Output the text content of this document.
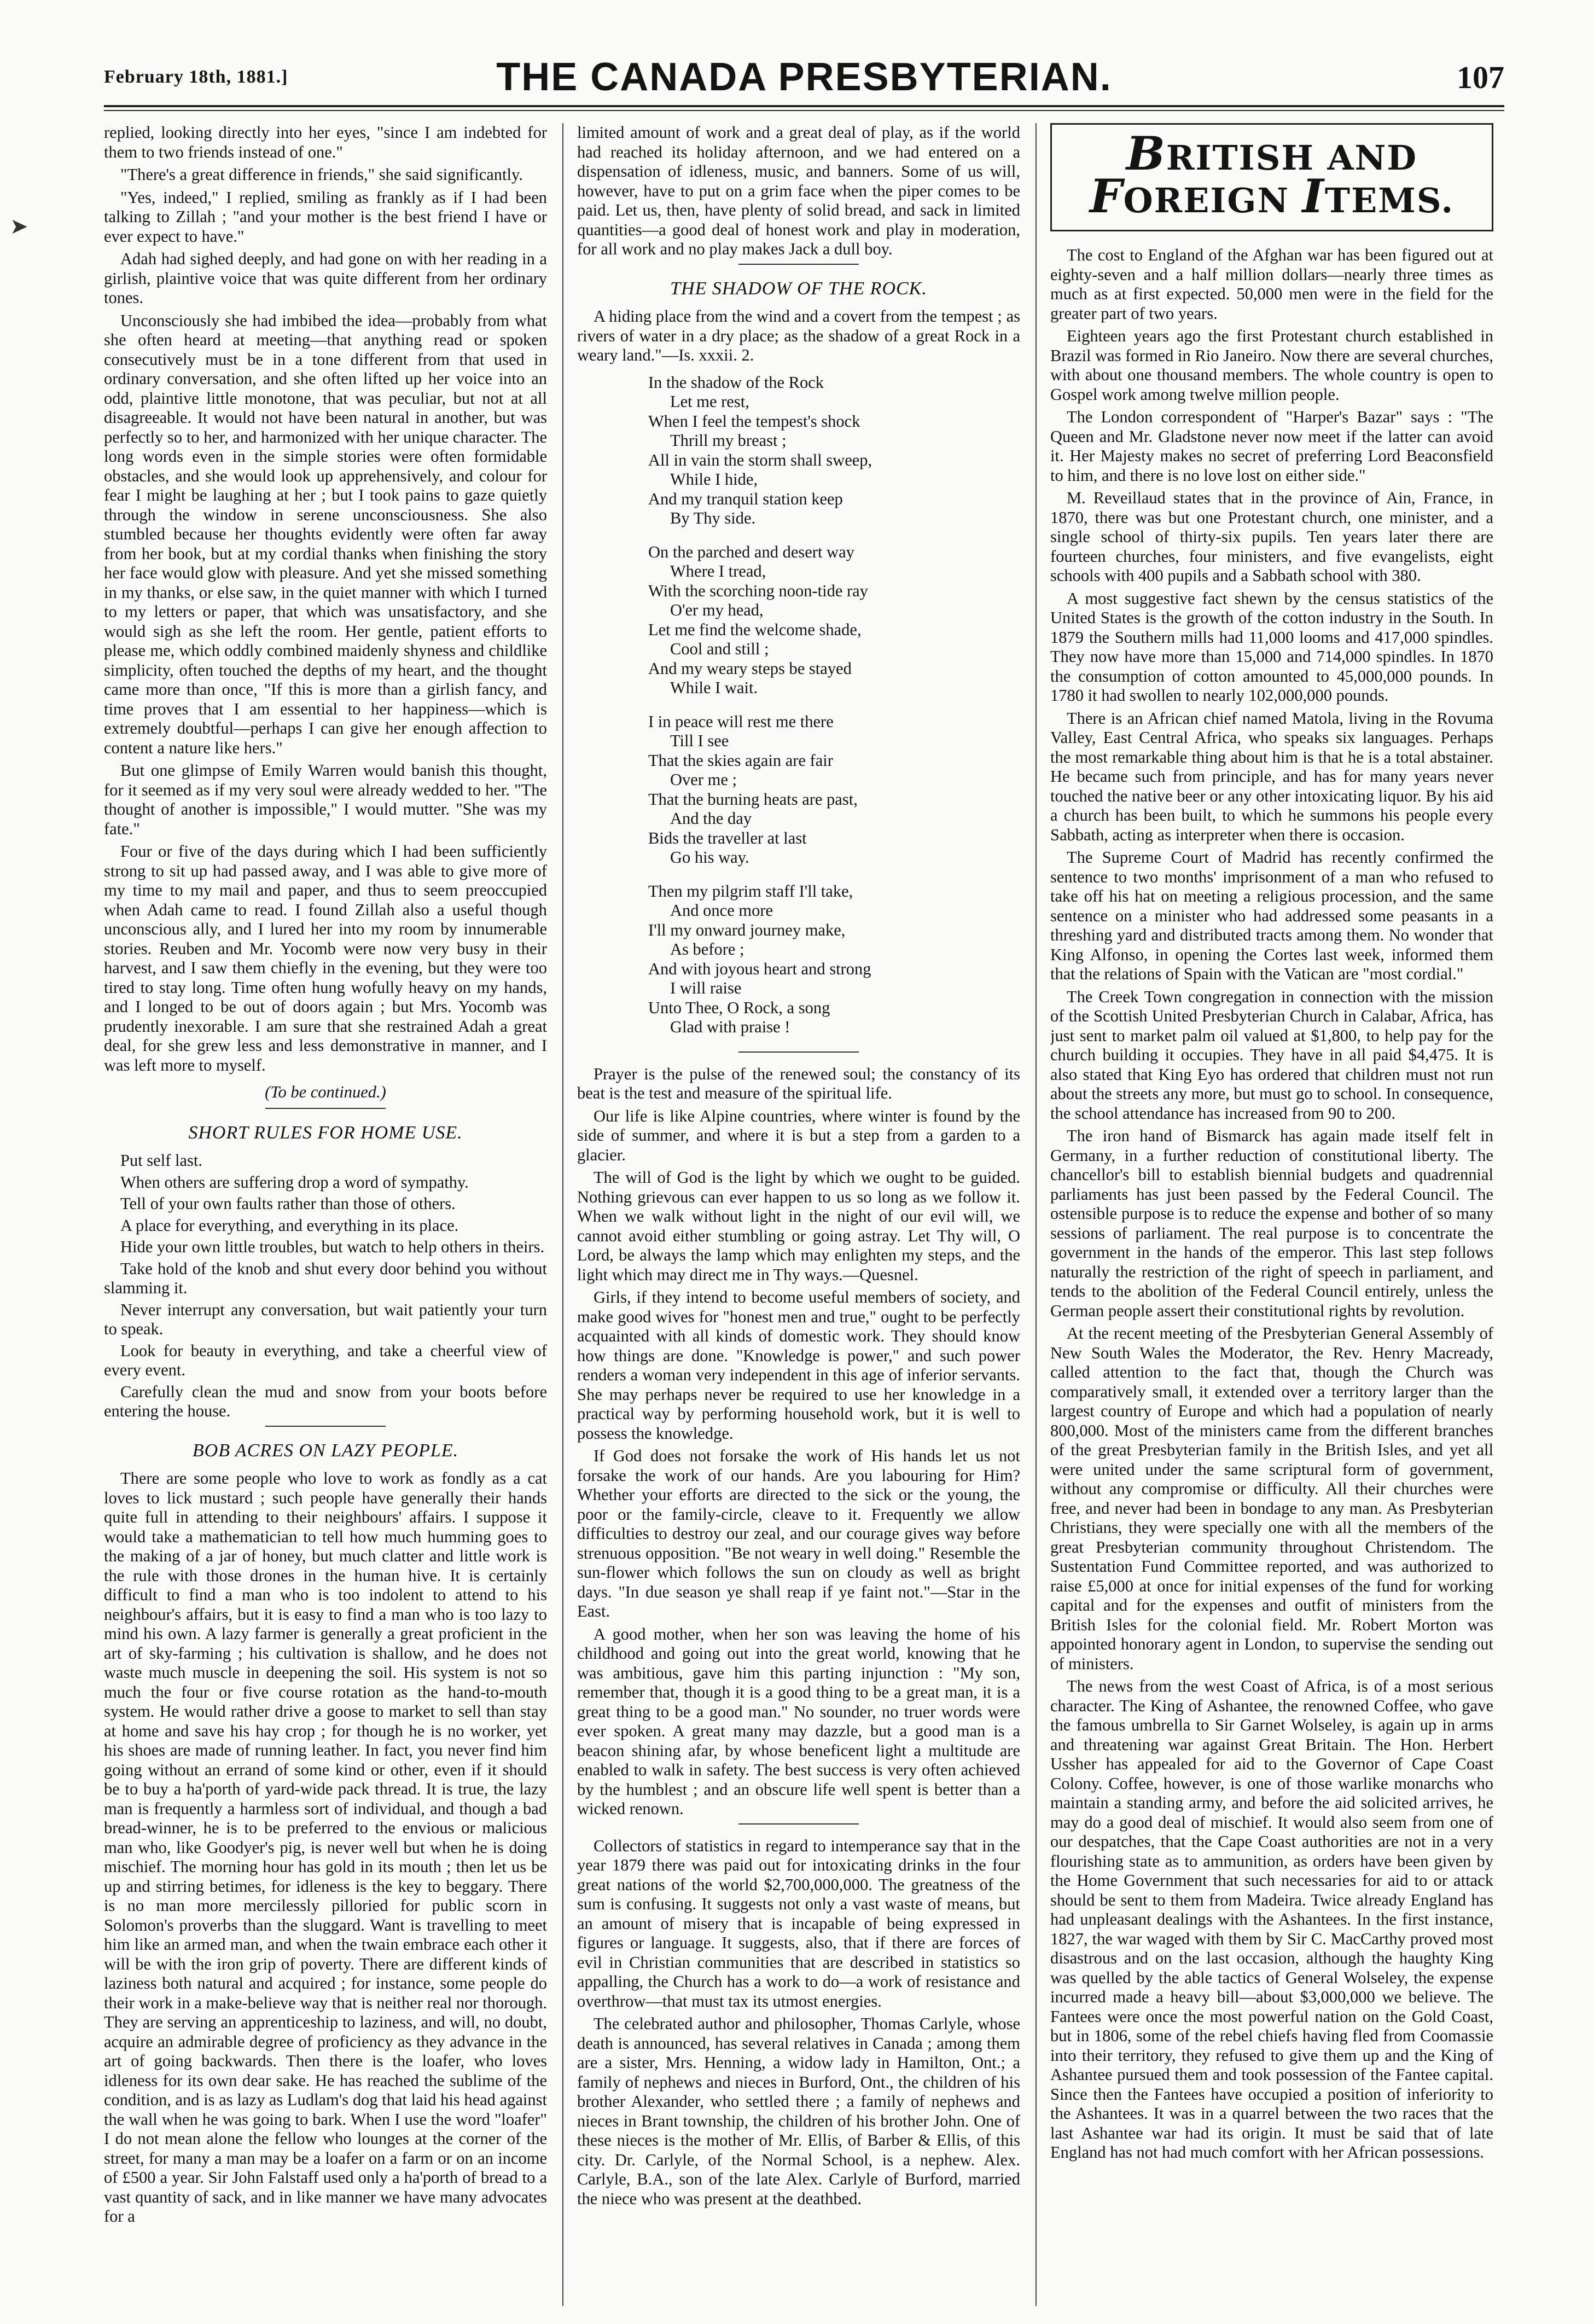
February 18th, 1881.]	THE CANADA PRESBYTERIAN.	107
➤

replied, looking directly into her eyes, "since I am indebted for them to two friends instead of one."

"There's a great difference in friends," she said significantly.

"Yes, indeed," I replied, smiling as frankly as if I had been talking to Zillah ; "and your mother is the best friend I have or ever expect to have."

Adah had sighed deeply, and had gone on with her reading in a girlish, plaintive voice that was quite different from her ordinary tones.

Unconsciously she had imbibed the idea—probably from what she often heard at meeting—that anything read or spoken consecutively must be in a tone different from that used in ordinary conversation, and she often lifted up her voice into an odd, plaintive little monotone, that was peculiar, but not at all disagreeable. It would not have been natural in another, but was perfectly so to her, and harmonized with her unique character. The long words even in the simple stories were often formidable obstacles, and she would look up apprehensively, and colour for fear I might be laughing at her ; but I took pains to gaze quietly through the window in serene unconsciousness. She also stumbled because her thoughts evidently were often far away from her book, but at my cordial thanks when finishing the story her face would glow with pleasure. And yet she missed something in my thanks, or else saw, in the quiet manner with which I turned to my letters or paper, that which was unsatisfactory, and she would sigh as she left the room. Her gentle, patient efforts to please me, which oddly combined maidenly shyness and childlike simplicity, often touched the depths of my heart, and the thought came more than once, "If this is more than a girlish fancy, and time proves that I am essential to her happiness—which is extremely doubtful—perhaps I can give her enough affection to content a nature like hers."

But one glimpse of Emily Warren would banish this thought, for it seemed as if my very soul were already wedded to her. "The thought of another is impossible," I would mutter. "She was my fate."

Four or five of the days during which I had been sufficiently strong to sit up had passed away, and I was able to give more of my time to my mail and paper, and thus to seem preoccupied when Adah came to read. I found Zillah also a useful though unconscious ally, and I lured her into my room by innumerable stories. Reuben and Mr. Yocomb were now very busy in their harvest, and I saw them chiefly in the evening, but they were too tired to stay long. Time often hung wofully heavy on my hands, and I longed to be out of doors again ; but Mrs. Yocomb was prudently inexorable. I am sure that she restrained Adah a great deal, for she grew less and less demonstrative in manner, and I was left more to myself.

(To be continued.)
SHORT RULES FOR HOME USE.

Put self last.

When others are suffering drop a word of sympathy.

Tell of your own faults rather than those of others.

A place for everything, and everything in its place.

Hide your own little troubles, but watch to help others in theirs.

Take hold of the knob and shut every door behind you without slamming it.

Never interrupt any conversation, but wait patiently your turn to speak.

Look for beauty in everything, and take a cheerful view of every event.

Carefully clean the mud and snow from your boots before entering the house.

BOB ACRES ON LAZY PEOPLE.

There are some people who love to work as fondly as a cat loves to lick mustard ; such people have generally their hands quite full in attending to their neighbours' affairs. I suppose it would take a mathematician to tell how much humming goes to the making of a jar of honey, but much clatter and little work is the rule with those drones in the human hive. It is certainly difficult to find a man who is too indolent to attend to his neighbour's affairs, but it is easy to find a man who is too lazy to mind his own. A lazy farmer is generally a great proficient in the art of sky-farming ; his cultivation is shallow, and he does not waste much muscle in deepening the soil. His system is not so much the four or five course rotation as the hand-to-mouth system. He would rather drive a goose to market to sell than stay at home and save his hay crop ; for though he is no worker, yet his shoes are made of running leather. In fact, you never find him going without an errand of some kind or other, even if it should be to buy a ha'porth of yard-wide pack thread. It is true, the lazy man is frequently a harmless sort of individual, and though a bad bread-winner, he is to be preferred to the envious or malicious man who, like Goodyer's pig, is never well but when he is doing mischief. The morning hour has gold in its mouth ; then let us be up and stirring betimes, for idleness is the key to beggary. There is no man more mercilessly pilloried for public scorn in Solomon's proverbs than the sluggard. Want is travelling to meet him like an armed man, and when the twain embrace each other it will be with the iron grip of poverty. There are different kinds of laziness both natural and acquired ; for instance, some people do their work in a make-believe way that is neither real nor thorough. They are serving an apprenticeship to laziness, and will, no doubt, acquire an admirable degree of proficiency as they advance in the art of going backwards. Then there is the loafer, who loves idleness for its own dear sake. He has reached the sublime of the condition, and is as lazy as Ludlam's dog that laid his head against the wall when he was going to bark. When I use the word "loafer" I do not mean alone the fellow who lounges at the corner of the street, for many a man may be a loafer on a farm or on an income of £500 a year. Sir John Falstaff used only a ha'porth of bread to a vast quantity of sack, and in like manner we have many advocates for a

limited amount of work and a great deal of play, as if the world had reached its holiday afternoon, and we had entered on a dispensation of idleness, music, and banners. Some of us will, however, have to put on a grim face when the piper comes to be paid. Let us, then, have plenty of solid bread, and sack in limited quantities—a good deal of honest work and play in moderation, for all work and no play makes Jack a dull boy.

THE SHADOW OF THE ROCK.

A hiding place from the wind and a covert from the tempest ; as rivers of water in a dry place; as the shadow of a great Rock in a weary land."—Is. xxxii. 2.

In the shadow of the Rock
Let me rest,
When I feel the tempest's shock
Thrill my breast ;
All in vain the storm shall sweep,
While I hide,
And my tranquil station keep
By Thy side.
On the parched and desert way
Where I tread,
With the scorching noon-tide ray
O'er my head,
Let me find the welcome shade,
Cool and still ;
And my weary steps be stayed
While I wait.
I in peace will rest me there
Till I see
That the skies again are fair
Over me ;
That the burning heats are past,
And the day
Bids the traveller at last
Go his way.
Then my pilgrim staff I'll take,
And once more
I'll my onward journey make,
As before ;
And with joyous heart and strong
I will raise
Unto Thee, O Rock, a song
Glad with praise !

Prayer is the pulse of the renewed soul; the constancy of its beat is the test and measure of the spiritual life.

Our life is like Alpine countries, where winter is found by the side of summer, and where it is but a step from a garden to a glacier.

The will of God is the light by which we ought to be guided. Nothing grievous can ever happen to us so long as we follow it. When we walk without light in the night of our evil will, we cannot avoid either stumbling or going astray. Let Thy will, O Lord, be always the lamp which may enlighten my steps, and the light which may direct me in Thy ways.—Quesnel.

Girls, if they intend to become useful members of society, and make good wives for "honest men and true," ought to be perfectly acquainted with all kinds of domestic work. They should know how things are done. "Knowledge is power," and such power renders a woman very independent in this age of inferior servants. She may perhaps never be required to use her knowledge in a practical way by performing household work, but it is well to possess the knowledge.

If God does not forsake the work of His hands let us not forsake the work of our hands. Are you labouring for Him? Whether your efforts are directed to the sick or the young, the poor or the family-circle, cleave to it. Frequently we allow difficulties to destroy our zeal, and our courage gives way before strenuous opposition. "Be not weary in well doing." Resemble the sun-flower which follows the sun on cloudy as well as bright days. "In due season ye shall reap if ye faint not."—Star in the East.

A good mother, when her son was leaving the home of his childhood and going out into the great world, knowing that he was ambitious, gave him this parting injunction : "My son, remember that, though it is a good thing to be a great man, it is a great thing to be a good man." No sounder, no truer words were ever spoken. A great many may dazzle, but a good man is a beacon shining afar, by whose beneficent light a multitude are enabled to walk in safety. The best success is very often achieved by the humblest ; and an obscure life well spent is better than a wicked renown.

Collectors of statistics in regard to intemperance say that in the year 1879 there was paid out for intoxicating drinks in the four great nations of the world $2,700,000,000. The greatness of the sum is confusing. It suggests not only a vast waste of means, but an amount of misery that is incapable of being expressed in figures or language. It suggests, also, that if there are forces of evil in Christian communities that are described in statistics so appalling, the Church has a work to do—a work of resistance and overthrow—that must tax its utmost energies.

The celebrated author and philosopher, Thomas Carlyle, whose death is announced, has several relatives in Canada ; among them are a sister, Mrs. Henning, a widow lady in Hamilton, Ont.; a family of nephews and nieces in Burford, Ont., the children of his brother Alexander, who settled there ; a family of nephews and nieces in Brant township, the children of his brother John. One of these nieces is the mother of Mr. Ellis, of Barber & Ellis, of this city. Dr. Carlyle, of the Normal School, is a nephew. Alex. Carlyle, B.A., son of the late Alex. Carlyle of Burford, married the niece who was present at the deathbed.

BRITISH AND FOREIGN ITEMS.

The cost to England of the Afghan war has been figured out at eighty-seven and a half million dollars—nearly three times as much as at first expected. 50,000 men were in the field for the greater part of two years.

Eighteen years ago the first Protestant church established in Brazil was formed in Rio Janeiro. Now there are several churches, with about one thousand members. The whole country is open to Gospel work among twelve million people.

The London correspondent of "Harper's Bazar" says : "The Queen and Mr. Gladstone never now meet if the latter can avoid it. Her Majesty makes no secret of preferring Lord Beaconsfield to him, and there is no love lost on either side."

M. Reveillaud states that in the province of Ain, France, in 1870, there was but one Protestant church, one minister, and a single school of thirty-six pupils. Ten years later there are fourteen churches, four ministers, and five evangelists, eight schools with 400 pupils and a Sabbath school with 380.

A most suggestive fact shewn by the census statistics of the United States is the growth of the cotton industry in the South. In 1879 the Southern mills had 11,000 looms and 417,000 spindles. They now have more than 15,000 and 714,000 spindles. In 1870 the consumption of cotton amounted to 45,000,000 pounds. In 1780 it had swollen to nearly 102,000,000 pounds.

There is an African chief named Matola, living in the Rovuma Valley, East Central Africa, who speaks six languages. Perhaps the most remarkable thing about him is that he is a total abstainer. He became such from principle, and has for many years never touched the native beer or any other intoxicating liquor. By his aid a church has been built, to which he summons his people every Sabbath, acting as interpreter when there is occasion.

The Supreme Court of Madrid has recently confirmed the sentence to two months' imprisonment of a man who refused to take off his hat on meeting a religious procession, and the same sentence on a minister who had addressed some peasants in a threshing yard and distributed tracts among them. No wonder that King Alfonso, in opening the Cortes last week, informed them that the relations of Spain with the Vatican are "most cordial."

The Creek Town congregation in connection with the mission of the Scottish United Presbyterian Church in Calabar, Africa, has just sent to market palm oil valued at $1,800, to help pay for the church building it occupies. They have in all paid $4,475. It is also stated that King Eyo has ordered that children must not run about the streets any more, but must go to school. In consequence, the school attendance has increased from 90 to 200.

The iron hand of Bismarck has again made itself felt in Germany, in a further reduction of constitutional liberty. The chancellor's bill to establish biennial budgets and quadrennial parliaments has just been passed by the Federal Council. The ostensible purpose is to reduce the expense and bother of so many sessions of parliament. The real purpose is to concentrate the government in the hands of the emperor. This last step follows naturally the restriction of the right of speech in parliament, and tends to the abolition of the Federal Council entirely, unless the German people assert their constitutional rights by revolution.

At the recent meeting of the Presbyterian General Assembly of New South Wales the Moderator, the Rev. Henry Macready, called attention to the fact that, though the Church was comparatively small, it extended over a territory larger than the largest country of Europe and which had a population of nearly 800,000. Most of the ministers came from the different branches of the great Presbyterian family in the British Isles, and yet all were united under the same scriptural form of government, without any compromise or difficulty. All their churches were free, and never had been in bondage to any man. As Presbyterian Christians, they were specially one with all the members of the great Presbyterian community throughout Christendom. The Sustentation Fund Committee reported, and was authorized to raise £5,000 at once for initial expenses of the fund for working capital and for the expenses and outfit of ministers from the British Isles for the colonial field. Mr. Robert Morton was appointed honorary agent in London, to supervise the sending out of ministers.

The news from the west Coast of Africa, is of a most serious character. The King of Ashantee, the renowned Coffee, who gave the famous umbrella to Sir Garnet Wolseley, is again up in arms and threatening war against Great Britain. The Hon. Herbert Ussher has appealed for aid to the Governor of Cape Coast Colony. Coffee, however, is one of those warlike monarchs who maintain a standing army, and before the aid solicited arrives, he may do a good deal of mischief. It would also seem from one of our despatches, that the Cape Coast authorities are not in a very flourishing state as to ammunition, as orders have been given by the Home Government that such necessaries for aid to or attack should be sent to them from Madeira. Twice already England has had unpleasant dealings with the Ashantees. In the first instance, 1827, the war waged with them by Sir C. MacCarthy proved most disastrous and on the last occasion, although the haughty King was quelled by the able tactics of General Wolseley, the expense incurred made a heavy bill—about $3,000,000 we believe. The Fantees were once the most powerful nation on the Gold Coast, but in 1806, some of the rebel chiefs having fled from Coomassie into their territory, they refused to give them up and the King of Ashantee pursued them and took possession of the Fantee capital. Since then the Fantees have occupied a position of inferiority to the Ashantees. It was in a quarrel between the two races that the last Ashantee war had its origin. It must be said that of late England has not had much comfort with her African possessions.
